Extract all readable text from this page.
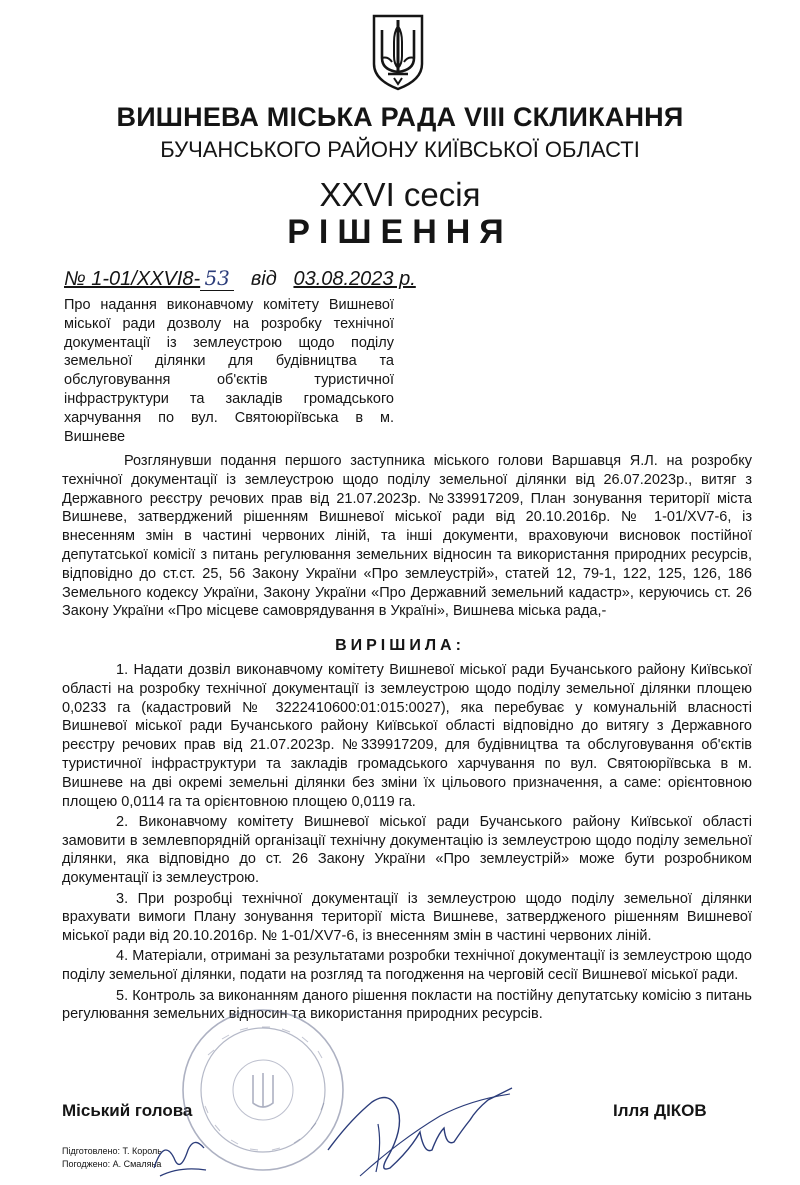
ВИШНЕВА МІСЬКА РАДА VIII СКЛИКАННЯ
БУЧАНСЬКОГО РАЙОНУ КИЇВСЬКОЇ ОБЛАСТІ
XXVI сесія
РІШЕННЯ
№ 1-01/XXVI8- 53 від 03.08.2023 р.
Про надання виконавчому комітету Вишневої міської ради дозволу на розробку технічної документації із землеустрою щодо поділу земельної ділянки для будівництва та обслуговування об'єктів туристичної інфраструктури та закладів громадського харчування по вул. Святоюріївська в м. Вишневе

Розглянувши подання першого заступника міського голови Варшавця Я.Л. на розробку технічної документації із землеустрою щодо поділу земельної ділянки від 26.07.2023р., витяг з Державного реєстру речових прав від 21.07.2023р. №339917209, План зонування території міста Вишневе, затверджений рішенням Вишневої міської ради від 20.10.2016р. № 1-01/XV7-6, із внесенням змін в частині червоних ліній, та інші документи, враховуючи висновок постійної депутатської комісії з питань регулювання земельних відносин та використання природних ресурсів, відповідно до ст.ст. 25, 56 Закону України «Про землеустрій», статей 12, 79-1, 122, 125, 126, 186 Земельного кодексу України, Закону України «Про Державний земельний кадастр», керуючись ст. 26 Закону України «Про місцеве самоврядування в Україні», Вишнева міська рада,-

ВИРІШИЛА:

1. Надати дозвіл виконавчому комітету Вишневої міської ради Бучанського району Київської області на розробку технічної документації із землеустрою щодо поділу земельної ділянки площею 0,0233 га (кадастровий № 3222410600:01:015:0027), яка перебуває у комунальній власності Вишневої міської ради Бучанського району Київської області відповідно до витягу з Державного реєстру речових прав від 21.07.2023р. №339917209, для будівництва та обслуговування об'єктів туристичної інфраструктури та закладів громадського харчування по вул. Святоюріївська в м. Вишневе на дві окремі земельні ділянки без зміни їх цільового призначення, а саме: орієнтовною площею 0,0114 га та орієнтовною площею 0,0119 га.

2. Виконавчому комітету Вишневої міської ради Бучанського району Київської області замовити в землевпорядній організації технічну документацію із землеустрою щодо поділу земельної ділянки, яка відповідно до ст. 26 Закону України «Про землеустрій» може бути розробником документації із землеустрою.

3. При розробці технічної документації із землеустрою щодо поділу земельної ділянки врахувати вимоги Плану зонування території міста Вишневе, затвердженого рішенням Вишневої міської ради від 20.10.2016р. № 1-01/XV7-6, із внесенням змін в частині червоних ліній.

4. Матеріали, отримані за результатами розробки технічної документації із землеустрою щодо поділу земельної ділянки, подати на розгляд та погодження на черговій сесії Вишневої міської ради.

5. Контроль за виконанням даного рішення покласти на постійну депутатську комісію з питань регулювання земельних відносин та використання природних ресурсів.

Міський голова	Ілля ДІКОВ
Підготовлено: Т. Король
Погоджено: А. Смаляна
